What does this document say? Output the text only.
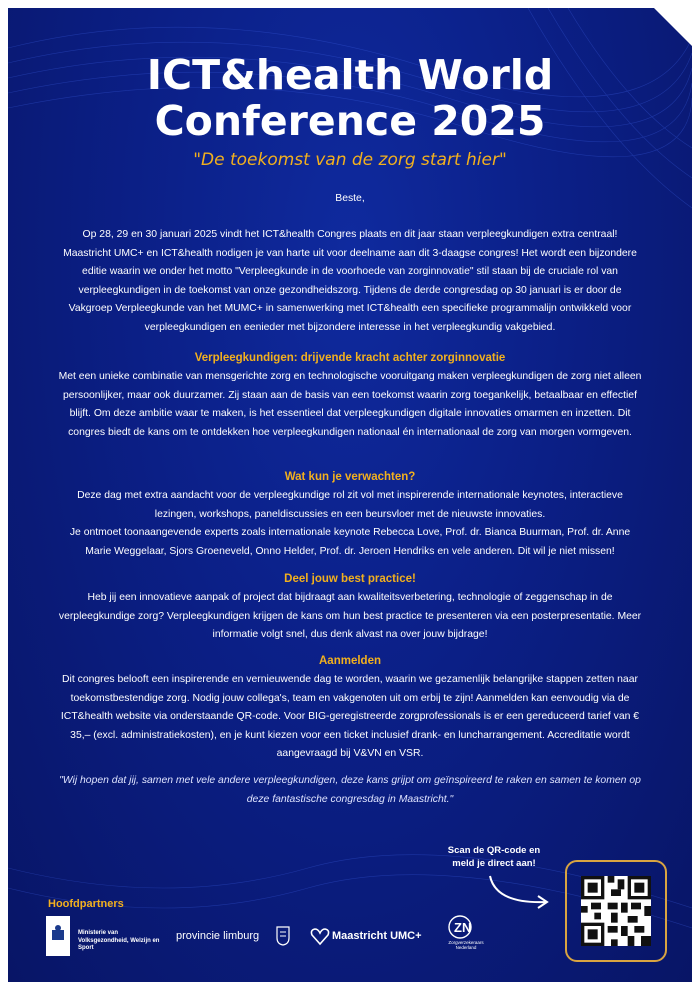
ICT&health World
Conference 2025
"De toekomst van de zorg start hier"
Beste,
Op 28, 29 en 30 januari 2025 vindt het ICT&health Congres plaats en dit jaar staan verpleegkundigen extra centraal! Maastricht UMC+ en ICT&health nodigen je van harte uit voor deelname aan dit 3-daagse congres! Het wordt een bijzondere editie waarin we onder het motto "Verpleegkunde in de voorhoede van zorginnovatie" stil staan bij de cruciale rol van verpleegkundigen in de toekomst van onze gezondheidszorg. Tijdens de derde congresdag op 30 januari is er door de Vakgroep Verpleegkunde van het MUMC+ in samenwerking met ICT&health een specifieke programmalijn ontwikkeld voor verpleegkundigen en eenieder met bijzondere interesse in het verpleegkundig vakgebied.
Verpleegkundigen: drijvende kracht achter zorginnovatie
Met een unieke combinatie van mensgerichte zorg en technologische vooruitgang maken verpleegkundigen de zorg niet alleen persoonlijker, maar ook duurzamer. Zij staan aan de basis van een toekomst waarin zorg toegankelijk, betaalbaar en effectief blijft. Om deze ambitie waar te maken, is het essentieel dat verpleegkundigen digitale innovaties omarmen en inzetten. Dit congres biedt de kans om te ontdekken hoe verpleegkundigen nationaal én internationaal de zorg van morgen vormgeven.
Wat kun je verwachten?
Deze dag met extra aandacht voor de verpleegkundige rol zit vol met inspirerende internationale keynotes, interactieve lezingen, workshops, paneldiscussies en een beursvloer met de nieuwste innovaties.
Je ontmoet toonaangevende experts zoals internationale keynote Rebecca Love, Prof. dr. Bianca Buurman, Prof. dr. Anne Marie Weggelaar, Sjors Groeneveld, Onno Helder, Prof. dr. Jeroen Hendriks en vele anderen. Dit wil je niet missen!
Deel jouw best practice!
Heb jij een innovatieve aanpak of project dat bijdraagt aan kwaliteitsverbetering, technologie of zeggenschap in de verpleegkundige zorg? Verpleegkundigen krijgen de kans om hun best practice te presenteren via een posterpresentatie. Meer informatie volgt snel, dus denk alvast na over jouw bijdrage!
Aanmelden
Dit congres belooft een inspirerende en vernieuwende dag te worden, waarin we gezamenlijk belangrijke stappen zetten naar toekomstbestendige zorg. Nodig jouw collega's, team en vakgenoten uit om erbij te zijn! Aanmelden kan eenvoudig via de ICT&health website via onderstaande QR-code. Voor BIG-geregistreerde zorgprofessionals is er een gereduceerd tarief van € 35,– (excl. administratiekosten), en je kunt kiezen voor een ticket inclusief drank- en luncharrangement. Accreditatie wordt aangevraagd bij V&VN en VSR.
"Wij hopen dat jij, samen met vele andere verpleegkundigen, deze kans grijpt om geïnspireerd te raken en samen te komen op deze fantastische congresdag in Maastricht."
Scan de QR-code en meld je direct aan!
Hoofdpartners
Ministerie van Volksgezondheid, Welzijn en Sport
provincie limburg	Maastricht UMC+
ZN
Zorgverzekeraars Nederland
